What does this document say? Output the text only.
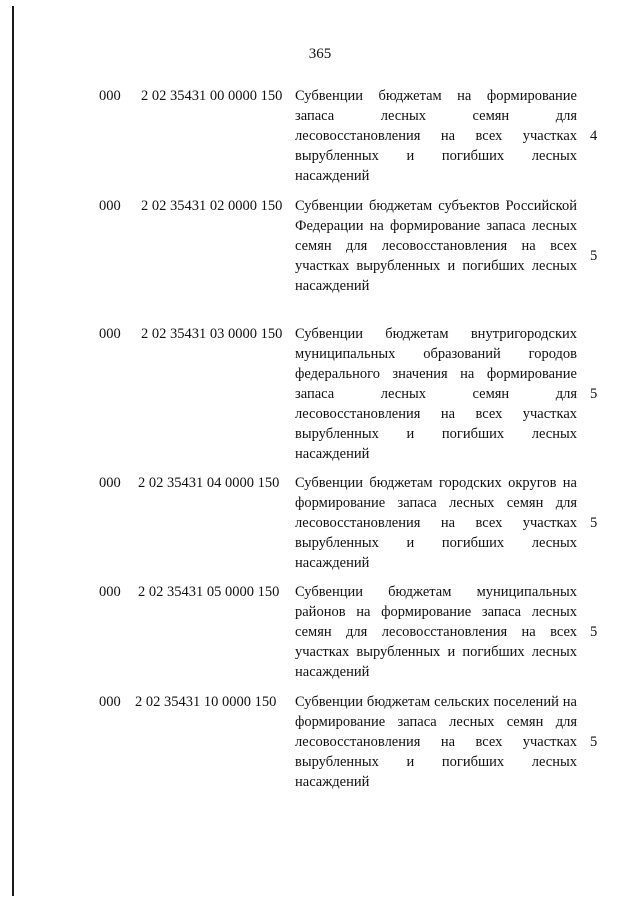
365
000 2 02 35431 00 0000 150 Субвенции бюджетам на формирование запаса лесных семян для лесовосстановления на всех участках вырубленных и погибших лесных насаждений
4
000 2 02 35431 02 0000 150 Субвенции бюджетам субъектов Российской Федерации на формирование запаса лесных семян для лесовосстановления на всех участках вырубленных и погибших лесных насаждений
5
000 2 02 35431 03 0000 150 Субвенции бюджетам внутригородских муниципальных образований городов федерального значения на формирование запаса лесных семян для лесовосстановления на всех участках вырубленных и погибших лесных насаждений
5
000 2 02 35431 04 0000 150 Субвенции бюджетам городских округов на формирование запаса лесных семян для лесовосстановления на всех участках вырубленных и погибших лесных насаждений
5
000 2 02 35431 05 0000 150 Субвенции бюджетам муниципальных районов на формирование запаса лесных семян для лесовосстановления на всех участках вырубленных и погибших лесных насаждений
5
000 2 02 35431 10 0000 150 Субвенции бюджетам сельских поселений на формирование запаса лесных семян для лесовосстановления на всех участках вырубленных и погибших лесных насаждений
5
